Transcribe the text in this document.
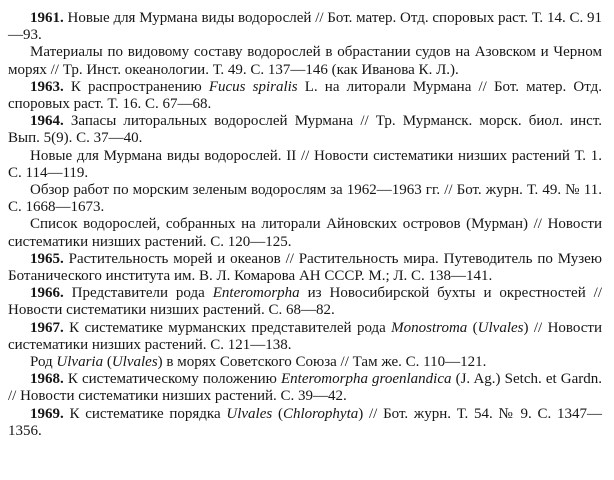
1961. Новые для Мурмана виды водорослей // Бот. матер. Отд. споровых раст. Т. 14. С. 91—93.

Материалы по видовому составу водорослей в обрастании судов на Азовском и Черном морях // Тр. Инст. океанологии. Т. 49. С. 137—146 (как Иванова К. Л.).

1963. К распространению Fucus spiralis L. на литорали Мурмана // Бот. матер. Отд. споровых раст. Т. 16. С. 67—68.

1964. Запасы литоральных водорослей Мурмана // Тр. Мурманск. морск. биол. инст. Вып. 5(9). С. 37—40.

Новые для Мурмана виды водорослей. II // Новости систематики низших растений Т. 1. С. 114—119.

Обзор работ по морским зеленым водорослям за 1962—1963 гг. // Бот. журн. Т. 49. № 11. С. 1668—1673.

Список водорослей, собранных на литорали Айновских островов (Мурман) // Новости систематики низших растений. С. 120—125.

1965. Растительность морей и океанов // Растительность мира. Путеводитель по Музею Ботанического института им. В. Л. Комарова АН СССР. М.; Л. С. 138—141.

1966. Представители рода Enteromorpha из Новосибирской бухты и окрестностей // Новости систематики низших растений. С. 68—82.

1967. К систематике мурманских представителей рода Monostroma (Ulvales) // Новости систематики низших растений. С. 121—138.

Род Ulvaria (Ulvales) в морях Советского Союза // Там же. С. 110—121.

1968. К систематическому положению Enteromorpha groenlandica (J. Ag.) Setch. et Gardn. // Новости систематики низших растений. С. 39—42.

1969. К систематике порядка Ulvales (Chlorophyta) // Бот. журн. Т. 54. № 9. С. 1347—1356.
